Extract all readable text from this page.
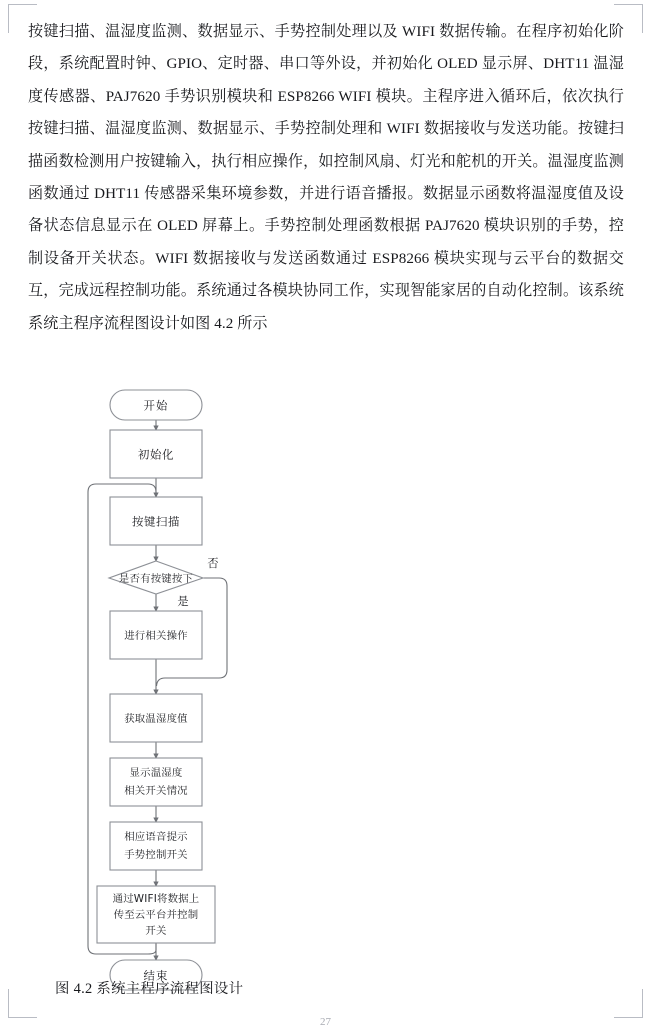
按键扫描、温湿度监测、数据显示、手势控制处理以及 WIFI 数据传输。在程序初始化阶段，系统配置时钟、GPIO、定时器、串口等外设，并初始化 OLED 显示屏、DHT11 温湿度传感器、PAJ7620 手势识别模块和 ESP8266 WIFI 模块。主程序进入循环后，依次执行按键扫描、温湿度监测、数据显示、手势控制处理和 WIFI 数据接收与发送功能。按键扫描函数检测用户按键输入，执行相应操作，如控制风扇、灯光和舵机的开关。温湿度监测函数通过 DHT11 传感器采集环境参数，并进行语音播报。数据显示函数将温湿度值及设备状态信息显示在 OLED 屏幕上。手势控制处理函数根据 PAJ7620 模块识别的手势，控制设备开关状态。WIFI 数据接收与发送函数通过 ESP8266 模块实现与云平台的数据交互，完成远程控制功能。系统通过各模块协同工作，实现智能家居的自动化控制。该系统系统主程序流程图设计如图 4.2 所示
开始
初始化
按键扫描
是否有按键按下
否
是
进行相关操作
获取温湿度值
显示温湿度
相关开关情况
相应语音提示
手势控制开关
通过WIFI将数据上
传至云平台并控制
开关
结束
图 4.2 系统主程序流程图设计
27
